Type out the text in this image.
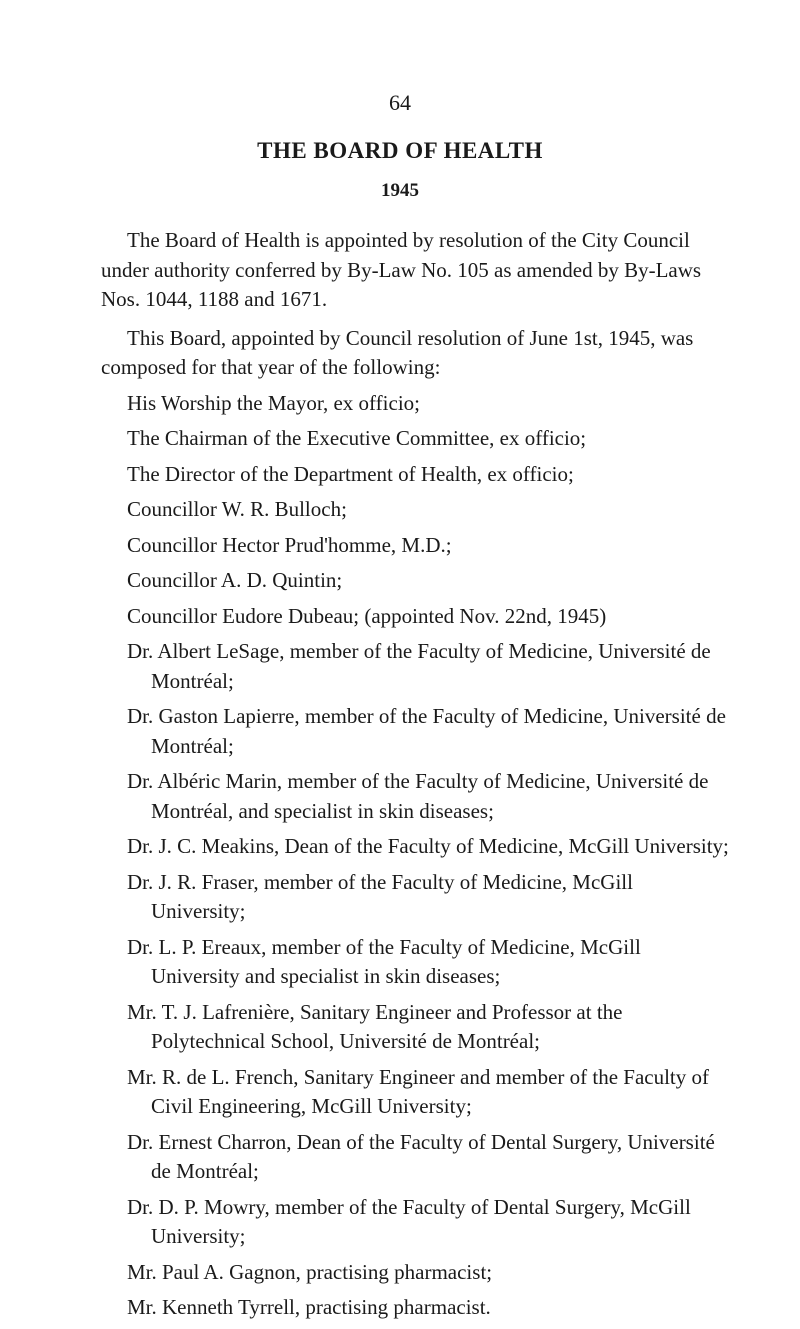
64
THE BOARD OF HEALTH
1945

The Board of Health is appointed by resolution of the City Council under authority conferred by By-Law No. 105 as amended by By-Laws Nos. 1044, 1188 and 1671.

This Board, appointed by Council resolution of June 1st, 1945, was composed for that year of the following:

His Worship the Mayor, ex officio;
The Chairman of the Executive Committee, ex officio;
The Director of the Department of Health, ex officio;
Councillor W. R. Bulloch;
Councillor Hector Prud'homme, M.D.;
Councillor A. D. Quintin;
Councillor Eudore Dubeau; (appointed Nov. 22nd, 1945)
Dr. Albert LeSage, member of the Faculty of Medicine, Université de Montréal;
Dr. Gaston Lapierre, member of the Faculty of Medicine, Université de Montréal;
Dr. Albéric Marin, member of the Faculty of Medicine, Université de Montréal, and specialist in skin diseases;
Dr. J. C. Meakins, Dean of the Faculty of Medicine, McGill University;
Dr. J. R. Fraser, member of the Faculty of Medicine, McGill University;
Dr. L. P. Ereaux, member of the Faculty of Medicine, McGill University and specialist in skin diseases;
Mr. T. J. Lafrenière, Sanitary Engineer and Professor at the Polytechnical School, Université de Montréal;
Mr. R. de L. French, Sanitary Engineer and member of the Faculty of Civil Engineering, McGill University;
Dr. Ernest Charron, Dean of the Faculty of Dental Surgery, Université de Montréal;
Dr. D. P. Mowry, member of the Faculty of Dental Surgery, McGill University;
Mr. Paul A. Gagnon, practising pharmacist;
Mr. Kenneth Tyrrell, practising pharmacist.
